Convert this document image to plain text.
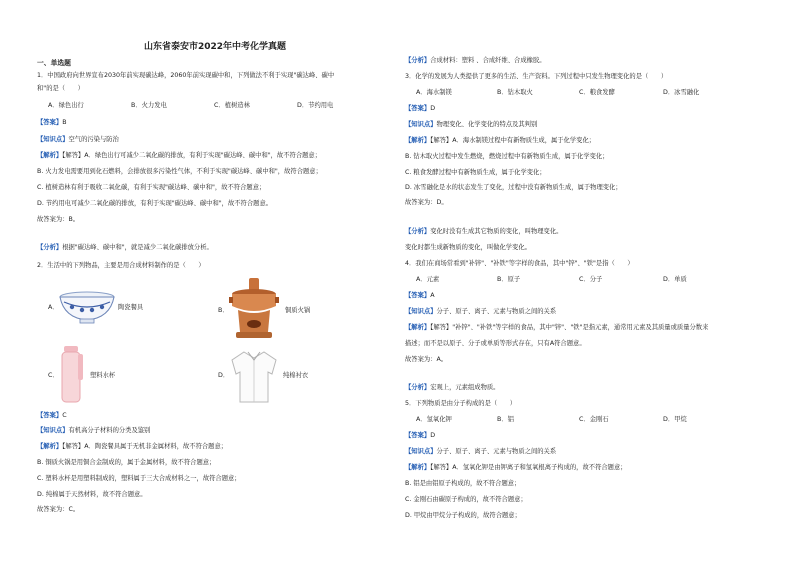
山东省泰安市2022年中考化学真题
一、单选题
1．中国政府向世界宣布2030年前实现碳达峰，2060年前实现碳中和，下列做法不利于实现"碳达峰、碳中
和"的是（　　）
A．绿色出行	B．火力发电	C．植树造林	D．节约用电
【答案】B
【知识点】空气的污染与防治
【解析】【解答】A．绿色出行可减少二氧化碳的排放，有利于实现"碳达峰、碳中和"，故不符合题意；
B. 火力发电需要用到化石燃料，会排放很多污染性气体，不利于实现"碳达峰、碳中和"，故符合题意；
C. 植树造林有利于吸收二氧化碳，有利于实现"碳达峰、碳中和"，故不符合题意；
D. 节约用电可减少二氧化碳的排放，有利于实现"碳达峰、碳中和"，故不符合题意。
故答案为：B。
【分析】根据"碳达峰、碳中和"，就是减少二氧化碳排放分析。
2．生活中的下列物品，主要是用合成材料制作的是（　　）
A．	陶瓷餐具	B．	铜质火锅
C．	塑料水杯	D．	纯棉衬衣
【答案】C
【知识点】有机高分子材料的分类及鉴别
【解析】【解答】A．陶瓷餐具属于无机非金属材料，故不符合题意；
B. 铜质火锅是用铜合金制成的，属于金属材料，故不符合题意；
C. 塑料水杯是用塑料制成的，塑料属于三大合成材料之一，故符合题意；
D. 纯棉属于天然材料，故不符合题意。
故答案为：C。
【分析】合成材料：塑料 、合成纤维、合成橡胶。
3．化学的发展为人类提供了更多的生活、生产资料。下列过程中只发生物理变化的是（　　）
A．海水制镁	B．钻木取火	C．粮食发酵	D．冰雪融化
【答案】D
【知识点】物理变化、化学变化的特点及其判别
【解析】【解答】A．海水制镁过程中有新物质生成，属于化学变化；
B. 钻木取火过程中发生燃烧，燃烧过程中有新物质生成，属于化学变化；
C. 粮食发酵过程中有新物质生成，属于化学变化；
D. 冰雪融化是水的状态发生了变化，过程中没有新物质生成，属于物理变化；
故答案为：D。
【分析】变化时没有生成其它物质的变化，叫物理变化。
变化时都生成新物质的变化，叫做化学变化。
4．我们在商场常看到"补锌"、"补铁"等字样的食品，其中"锌"、"铁"是指（　　）
A．元素	B．原子	C．分子	D．单质
【答案】A
【知识点】分子、原子、离子、元素与物质之间的关系
【解析】【解答】"补锌"、"补铁"等字样的食品，其中"锌"、"铁"是指元素，通常用元素及其质量或质量分数来
描述；而不是以原子、分子或单质等形式存在，只有A符合题意。
故答案为：A。
【分析】宏观上，元素组成物质。
5．下列物质是由分子构成的是（　　）
A．氢氧化钾	B．铝	C．金刚石	D．甲烷
【答案】D
【知识点】分子、原子、离子、元素与物质之间的关系
【解析】【解答】A．氢氧化钾是由钾离子和氢氧根离子构成的，故不符合题意；
B. 铝是由铝原子构成的，故不符合题意；
C. 金刚石由碳原子构成的，故不符合题意；
D. 甲烷由甲烷分子构成的，故符合题意；
